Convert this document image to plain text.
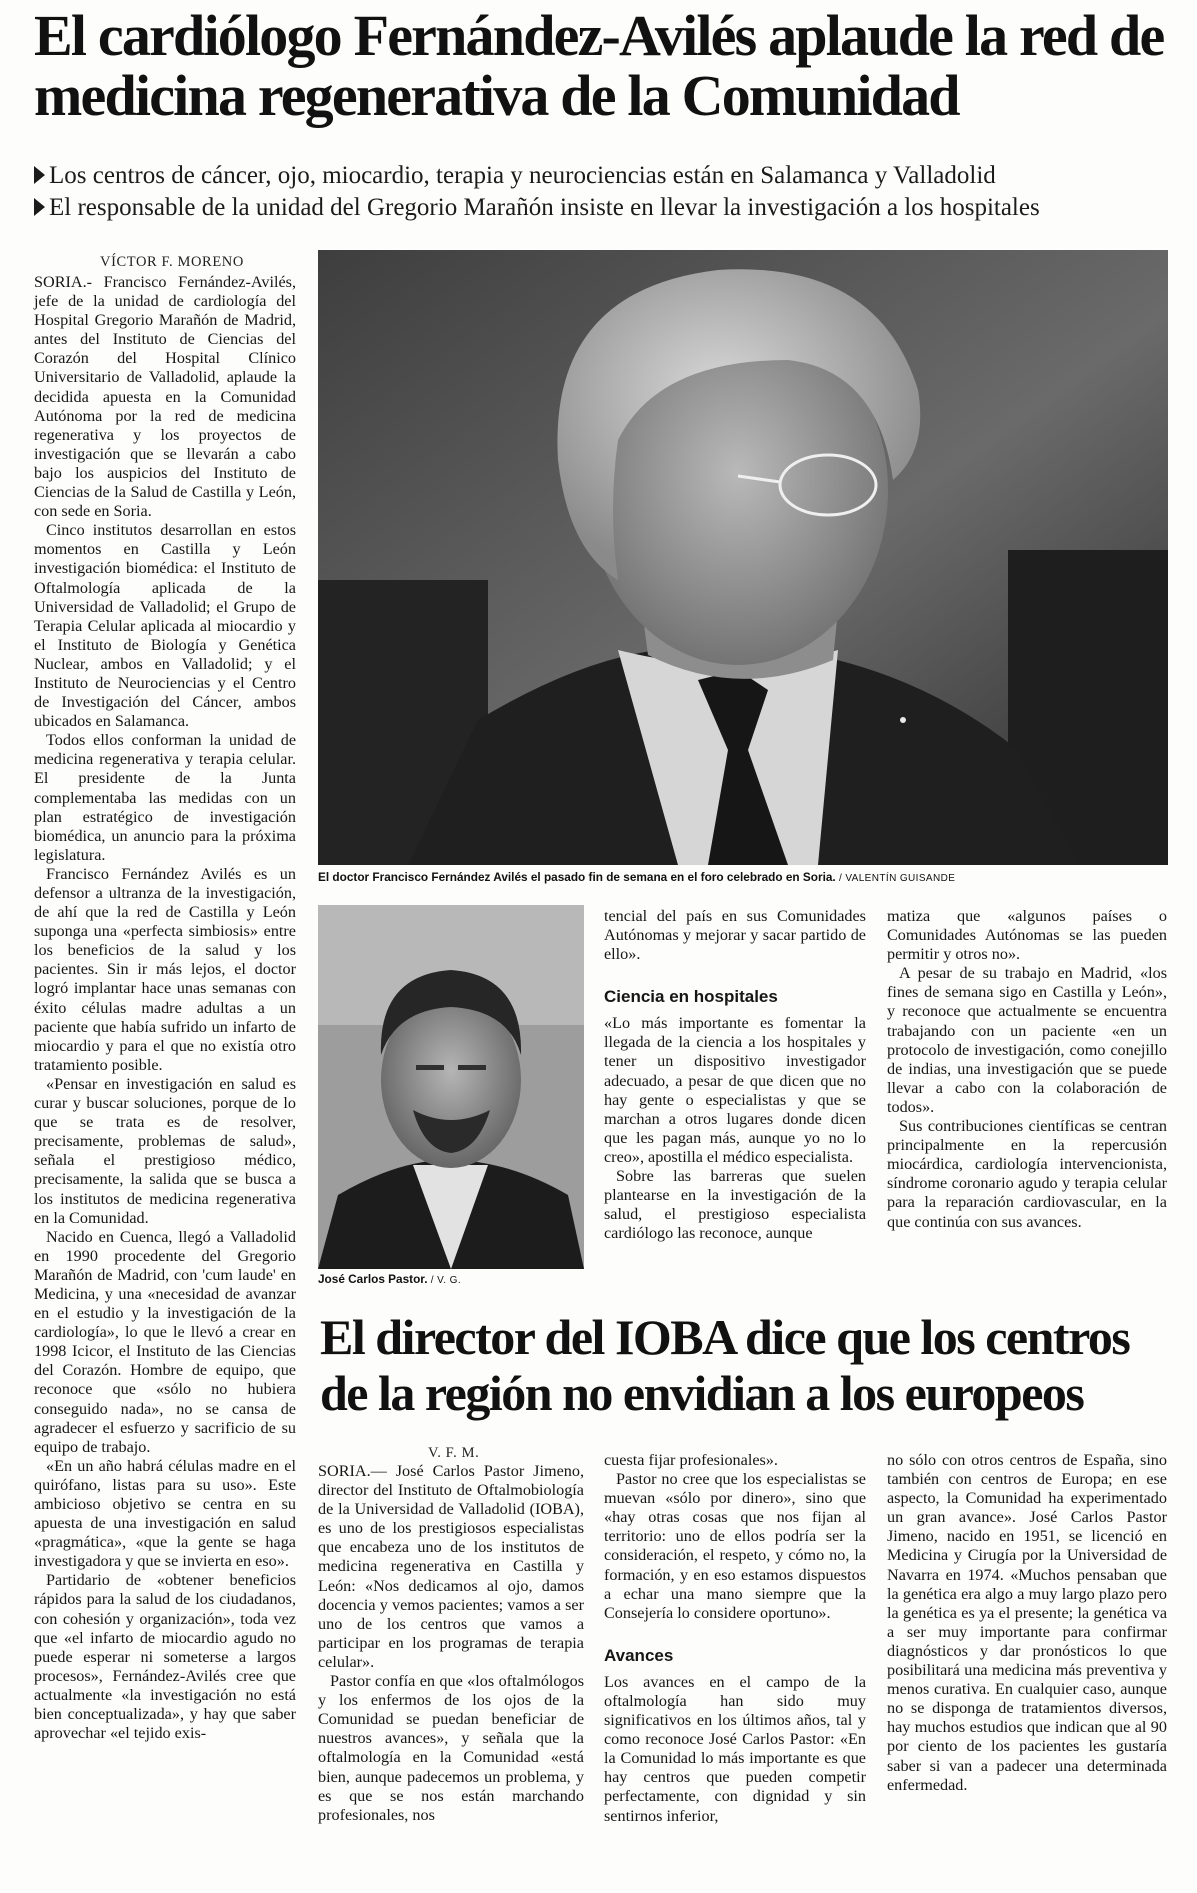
El cardiólogo Fernández-Avilés aplaude la red de medicina regenerativa de la Comunidad
Los centros de cáncer, ojo, miocardio, terapia y neurociencias están en Salamanca y Valladolid
El responsable de la unidad del Gregorio Marañón insiste en llevar la investigación a los hospitales
VÍCTOR F. MORENO

SORIA.- Francisco Fernández-Avilés, jefe de la unidad de cardiología del Hospital Gregorio Marañón de Madrid, antes del Instituto de Ciencias del Corazón del Hospital Clínico Universitario de Valladolid, aplaude la decidida apuesta en la Comunidad Autónoma por la red de medicina regenerativa y los proyectos de investigación que se llevarán a cabo bajo los auspicios del Instituto de Ciencias de la Salud de Castilla y León, con sede en Soria.

Cinco institutos desarrollan en estos momentos en Castilla y León investigación biomédica: el Instituto de Oftalmología aplicada de la Universidad de Valladolid; el Grupo de Terapia Celular aplicada al miocardio y el Instituto de Biología y Genética Nuclear, ambos en Valladolid; y el Instituto de Neurociencias y el Centro de Investigación del Cáncer, ambos ubicados en Salamanca.

Todos ellos conforman la unidad de medicina regenerativa y terapia celular. El presidente de la Junta complementaba las medidas con un plan estratégico de investigación biomédica, un anuncio para la próxima legislatura.

Francisco Fernández Avilés es un defensor a ultranza de la investigación, de ahí que la red de Castilla y León suponga una «perfecta simbiosis» entre los beneficios de la salud y los pacientes. Sin ir más lejos, el doctor logró implantar hace unas semanas con éxito células madre adultas a un paciente que había sufrido un infarto de miocardio y para el que no existía otro tratamiento posible.

«Pensar en investigación en salud es curar y buscar soluciones, porque de lo que se trata es de resolver, precisamente, problemas de salud», señala el prestigioso médico, precisamente, la salida que se busca a los institutos de medicina regenerativa en la Comunidad.

Nacido en Cuenca, llegó a Valladolid en 1990 procedente del Gregorio Marañón de Madrid, con 'cum laude' en Medicina, y una «necesidad de avanzar en el estudio y la investigación de la cardiología», lo que le llevó a crear en 1998 Icicor, el Instituto de las Ciencias del Corazón. Hombre de equipo, que reconoce que «sólo no hubiera conseguido nada», no se cansa de agradecer el esfuerzo y sacrificio de su equipo de trabajo.

«En un año habrá células madre en el quirófano, listas para su uso». Este ambicioso objetivo se centra en su apuesta de una investigación en salud «pragmática», «que la gente se haga investigadora y que se invierta en eso».

Partidario de «obtener beneficios rápidos para la salud de los ciudadanos, con cohesión y organización», toda vez que «el infarto de miocardio agudo no puede esperar ni someterse a largos procesos», Fernández-Avilés cree que actualmente «la investigación no está bien conceptualizada», y hay que saber aprovechar «el tejido exis-

El doctor Francisco Fernández Avilés el pasado fin de semana en el foro celebrado en Soria. / VALENTÍN GUISANDE
José Carlos Pastor. / V. G.

tencial del país en sus Comunidades Autónomas y mejorar y sacar partido de ello».

Ciencia en hospitales

«Lo más importante es fomentar la llegada de la ciencia a los hospitales y tener un dispositivo investigador adecuado, a pesar de que dicen que no hay gente o especialistas y que se marchan a otros lugares donde dicen que les pagan más, aunque yo no lo creo», apostilla el médico especialista.

Sobre las barreras que suelen plantearse en la investigación de la salud, el prestigioso especialista cardiólogo las reconoce, aunque

matiza que «algunos países o Comunidades Autónomas se las pueden permitir y otros no».

A pesar de su trabajo en Madrid, «los fines de semana sigo en Castilla y León», y reconoce que actualmente se encuentra trabajando con un paciente «en un protocolo de investigación, como conejillo de indias, una investigación que se puede llevar a cabo con la colaboración de todos».

Sus contribuciones científicas se centran principalmente en la repercusión miocárdica, cardiología intervencionista, síndrome coronario agudo y terapia celular para la reparación cardiovascular, en la que continúa con sus avances.

El director del IOBA dice que los centros de la región no envidian a los europeos
V. F. M.

SORIA.— José Carlos Pastor Jimeno, director del Instituto de Oftalmobiología de la Universidad de Valladolid (IOBA), es uno de los prestigiosos especialistas que encabeza uno de los institutos de medicina regenerativa en Castilla y León: «Nos dedicamos al ojo, damos docencia y vemos pacientes; vamos a ser uno de los centros que vamos a participar en los programas de terapia celular».

Pastor confía en que «los oftalmólogos y los enfermos de los ojos de la Comunidad se puedan beneficiar de nuestros avances», y señala que la oftalmología en la Comunidad «está bien, aunque padecemos un problema, y es que se nos están marchando profesionales, nos

cuesta fijar profesionales».

Pastor no cree que los especialistas se muevan «sólo por dinero», sino que «hay otras cosas que nos fijan al territorio: uno de ellos podría ser la consideración, el respeto, y cómo no, la formación, y en eso estamos dispuestos a echar una mano siempre que la Consejería lo considere oportuno».

Avances

Los avances en el campo de la oftalmología han sido muy significativos en los últimos años, tal y como reconoce José Carlos Pastor: «En la Comunidad lo más importante es que hay centros que pueden competir perfectamente, con dignidad y sin sentirnos inferior,

no sólo con otros centros de España, sino también con centros de Europa; en ese aspecto, la Comunidad ha experimentado un gran avance». José Carlos Pastor Jimeno, nacido en 1951, se licenció en Medicina y Cirugía por la Universidad de Navarra en 1974. «Muchos pensaban que la genética era algo a muy largo plazo pero la genética es ya el presente; la genética va a ser muy importante para confirmar diagnósticos y dar pronósticos lo que posibilitará una medicina más preventiva y menos curativa. En cualquier caso, aunque no se disponga de tratamientos diversos, hay muchos estudios que indican que al 90 por ciento de los pacientes les gustaría saber si van a padecer una determinada enfermedad.
